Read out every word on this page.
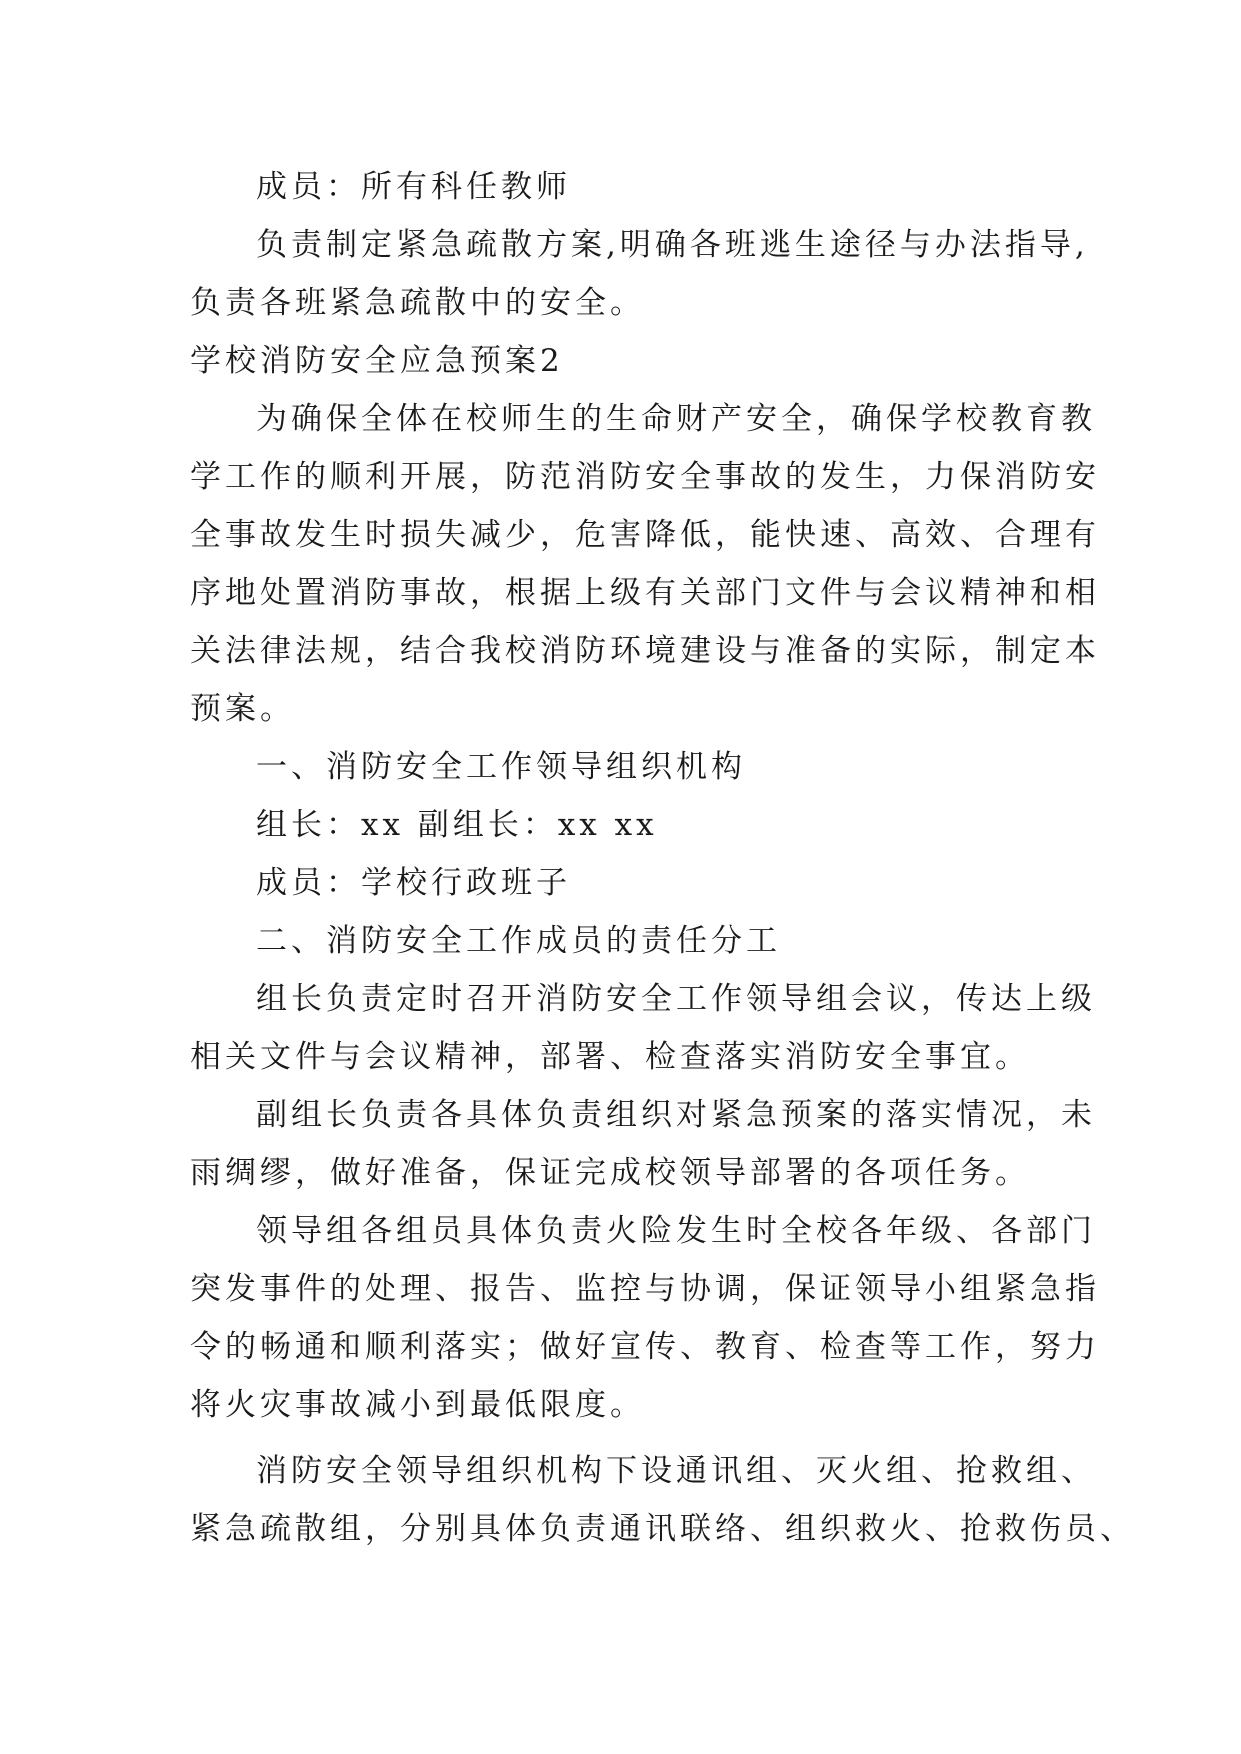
成员：所有科任教师
负责制定紧急疏散方案,明确各班逃生途径与办法指导,
负责各班紧急疏散中的安全。
学校消防安全应急预案2
为确保全体在校师生的生命财产安全，确保学校教育教
学工作的顺利开展，防范消防安全事故的发生，力保消防安
全事故发生时损失减少，危害降低，能快速、高效、合理有
序地处置消防事故，根据上级有关部门文件与会议精神和相
关法律法规，结合我校消防环境建设与准备的实际，制定本
预案。
一、消防安全工作领导组织机构
组长：xx 副组长：xx xx
成员：学校行政班子
二、消防安全工作成员的责任分工
组长负责定时召开消防安全工作领导组会议，传达上级
相关文件与会议精神，部署、检查落实消防安全事宜。
副组长负责各具体负责组织对紧急预案的落实情况，未
雨绸缪，做好准备，保证完成校领导部署的各项任务。
领导组各组员具体负责火险发生时全校各年级、各部门
突发事件的处理、报告、监控与协调，保证领导小组紧急指
令的畅通和顺利落实；做好宣传、教育、检查等工作，努力
将火灾事故减小到最低限度。
消防安全领导组织机构下设通讯组、灭火组、抢救组、
紧急疏散组，分别具体负责通讯联络、组织救火、抢救伤员、
